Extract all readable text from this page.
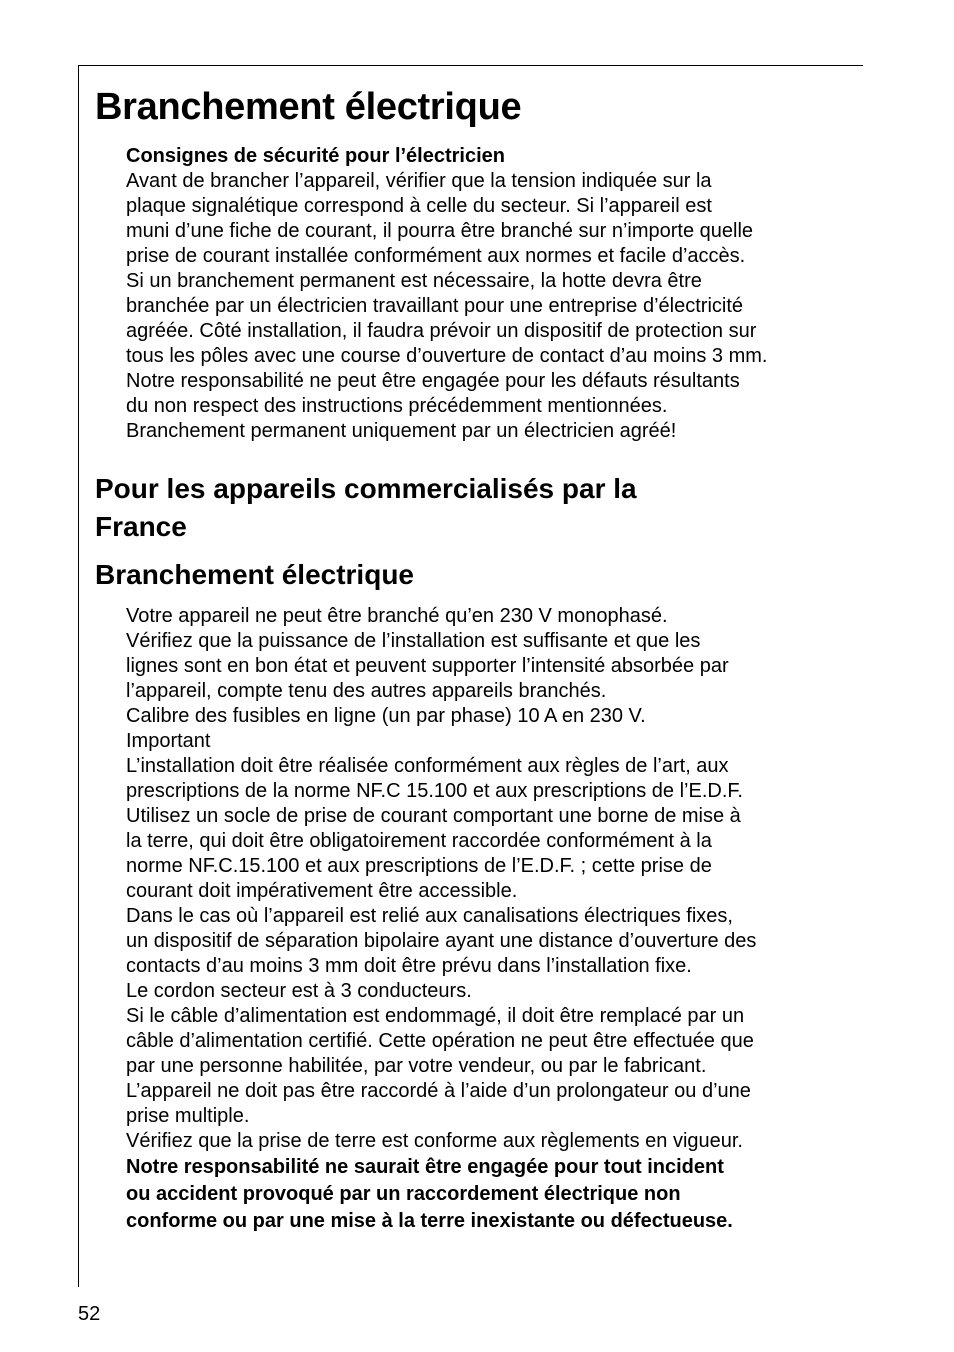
Branchement électrique

Consignes de sécurité pour l’électricien

Avant de brancher l’appareil, vérifier que la tension indiquée sur la

plaque signalétique correspond à celle du secteur. Si l’appareil est

muni d’une fiche de courant, il pourra être branché sur n’importe quelle

prise de courant installée conformément aux normes et facile d’accès.

Si un branchement permanent est nécessaire, la hotte devra être

branchée par un électricien travaillant pour une entreprise d’électricité

agréée. Côté installation, il faudra prévoir un dispositif de protection sur

tous les pôles avec une course d’ouverture de contact d’au moins 3 mm.

Notre responsabilité ne peut être engagée pour les défauts résultants

du non respect des instructions précédemment mentionnées.

Branchement permanent uniquement par un électricien agréé!

Pour les appareils commercialisés par la
France
Branchement électrique

Votre appareil ne peut être branché qu’en 230 V monophasé.

Vérifiez que la puissance de l’installation est suffisante et que les

lignes sont en bon état et peuvent supporter l’intensité absorbée par

l’appareil, compte tenu des autres appareils branchés.

Calibre des fusibles en ligne (un par phase) 10 A en 230 V.

Important

L’installation doit être réalisée conformément aux règles de l’art, aux

prescriptions de la norme NF.C 15.100 et aux prescriptions de l’E.D.F.

Utilisez un socle de prise de courant comportant une borne de mise à

la terre, qui doit être obligatoirement raccordée conformément à la

norme NF.C.15.100 et aux prescriptions de l’E.D.F. ; cette prise de

courant doit impérativement être accessible.

Dans le cas où l’appareil est relié aux canalisations électriques fixes,

un dispositif de séparation bipolaire ayant une distance d’ouverture des

contacts d’au moins 3 mm doit être prévu dans l’installation fixe.

Le cordon secteur est à 3 conducteurs.

Si le câble d’alimentation est endommagé, il doit être remplacé par un

câble d’alimentation certifié. Cette opération ne peut être effectuée que

par une personne habilitée, par votre vendeur, ou par le fabricant.

L’appareil ne doit pas être raccordé à l’aide d’un prolongateur ou d’une

prise multiple.

Vérifiez que la prise de terre est conforme aux règlements en vigueur.

Notre responsabilité ne saurait être engagée pour tout incident

ou accident provoqué par un raccordement électrique non

conforme ou par une mise à la terre inexistante ou défectueuse.

52
